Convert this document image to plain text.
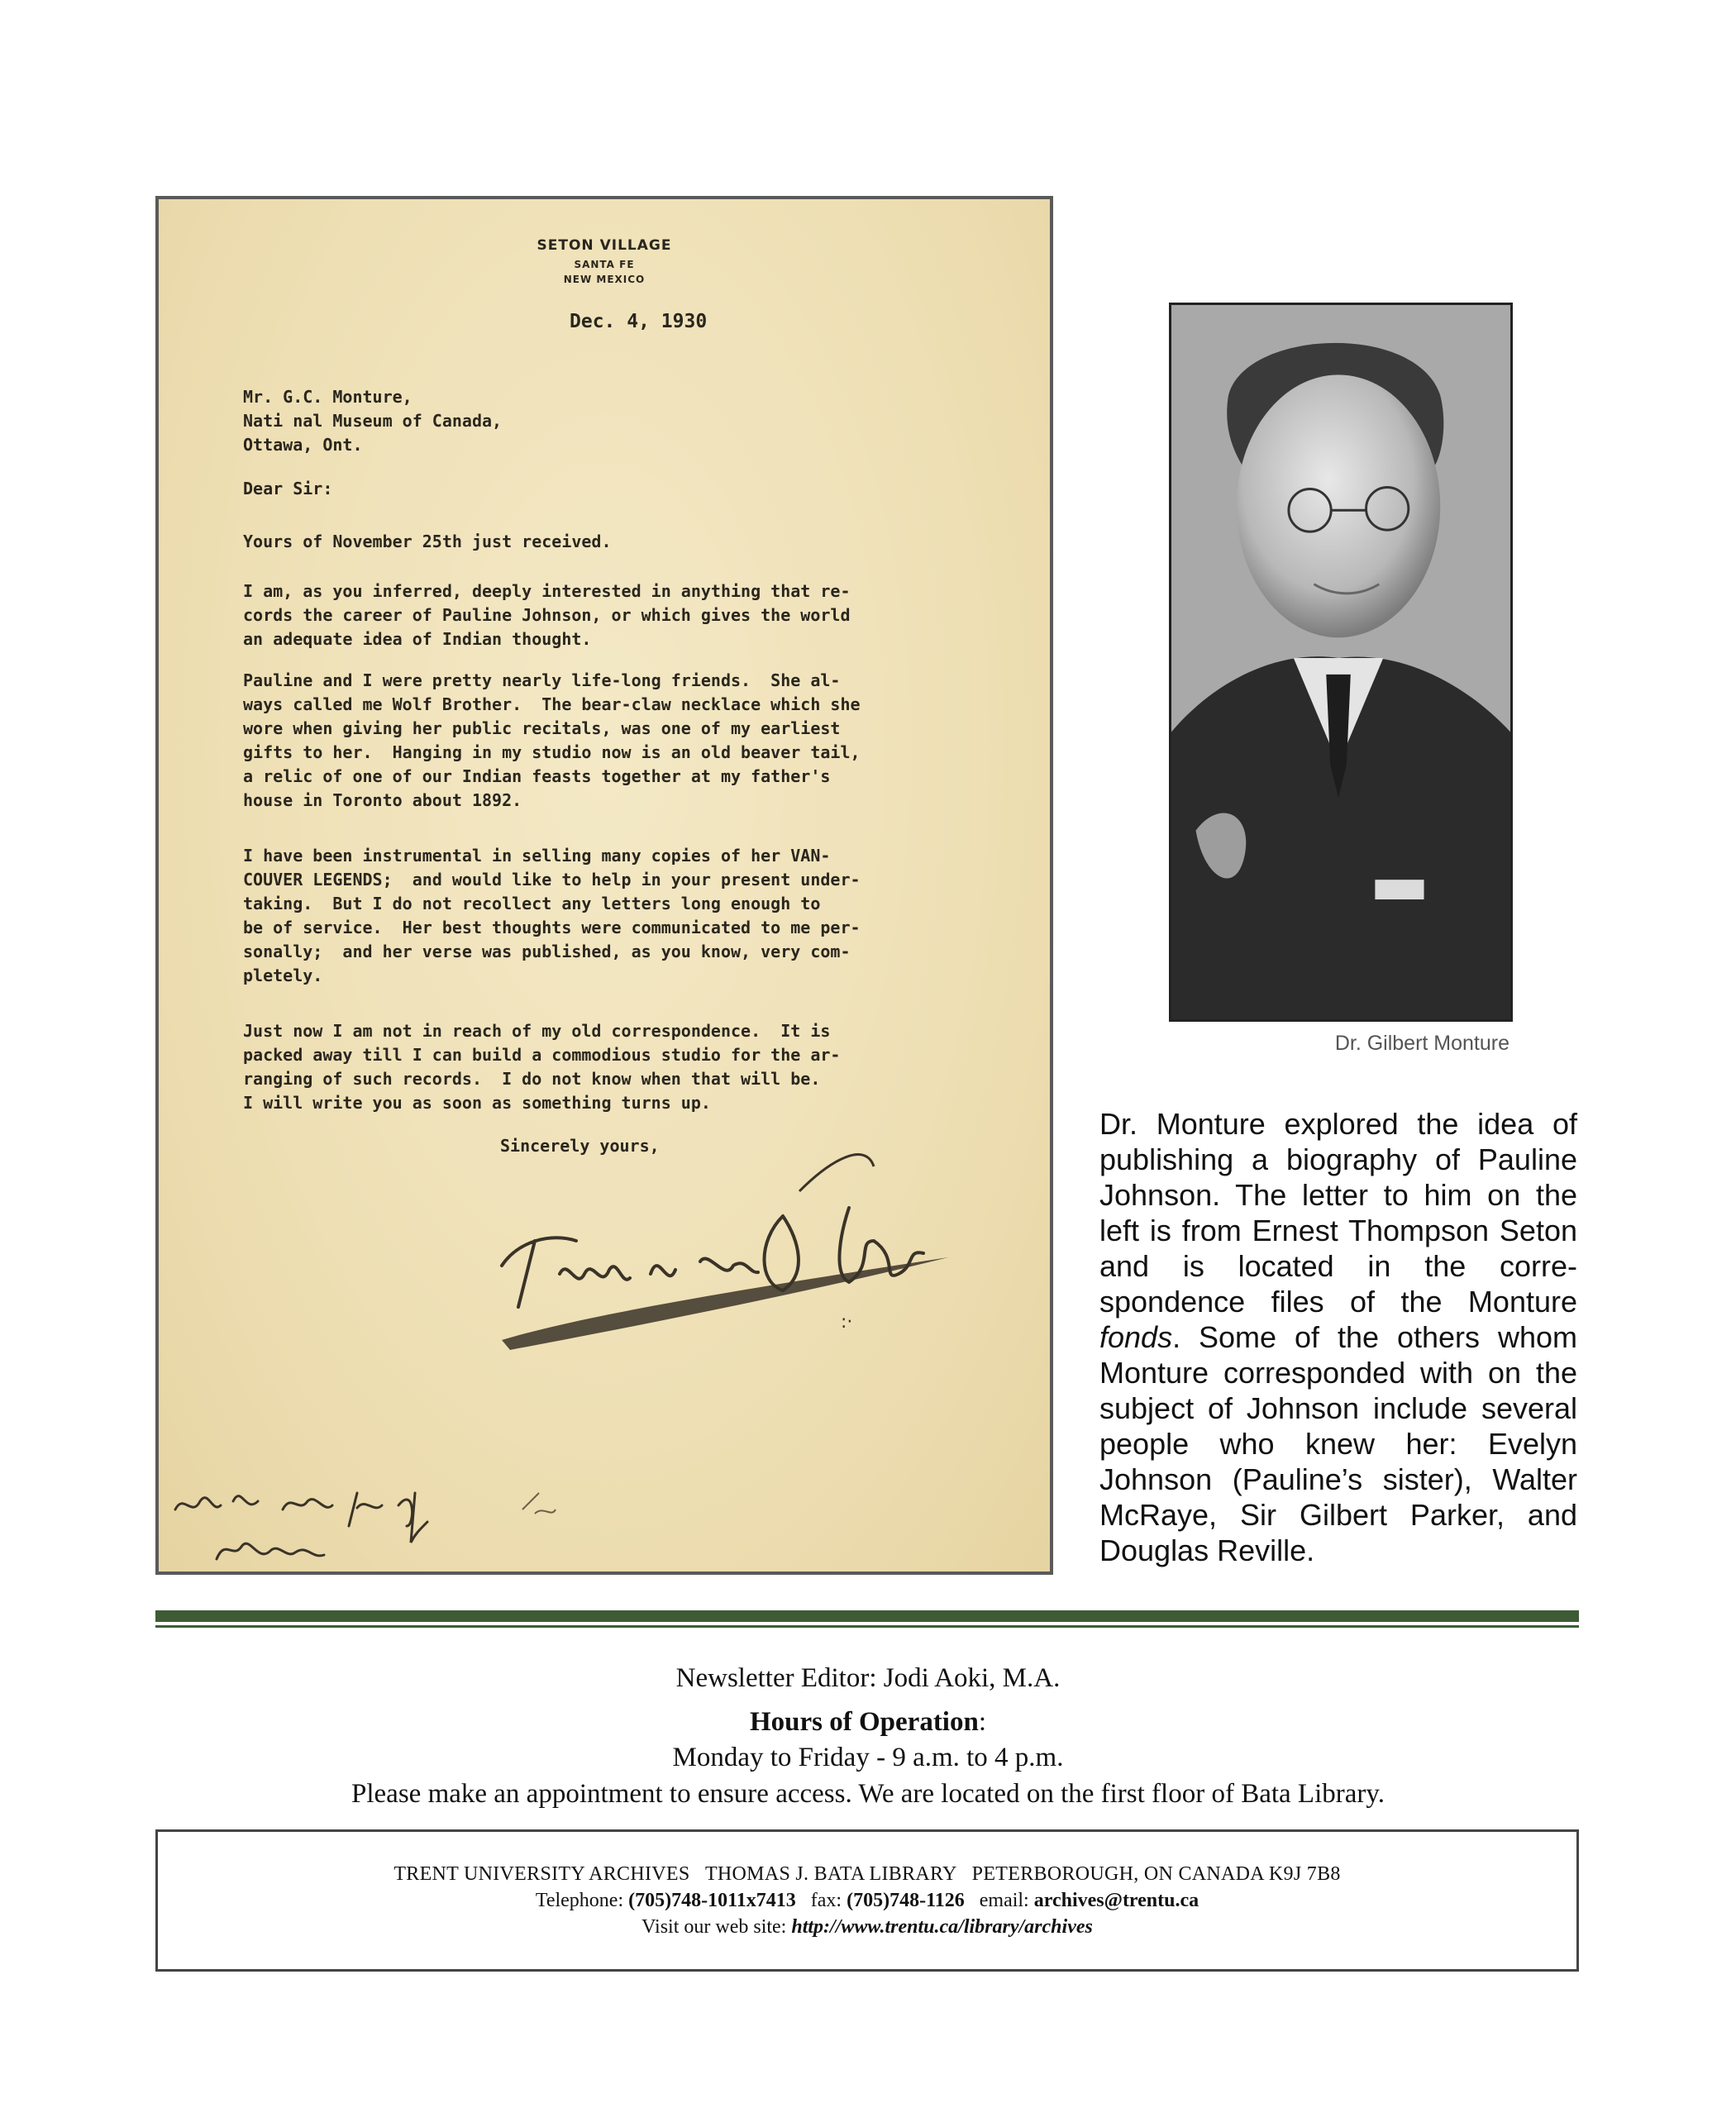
SETON VILLAGE
SANTA FE
NEW MEXICO
Dec. 4, 1930
Mr. G.C. Monture,
Nati nal Museum of Canada,
Ottawa, Ont.
Dear Sir:
Yours of November 25th just received.
I am, as you inferred, deeply interested in anything that re-
cords the career of Pauline Johnson, or which gives the world
an adequate idea of Indian thought.
Pauline and I were pretty nearly life-long friends.  She al-
ways called me Wolf Brother.  The bear-claw necklace which she
wore when giving her public recitals, was one of my earliest
gifts to her.  Hanging in my studio now is an old beaver tail,
a relic of one of our Indian feasts together at my father's
house in Toronto about 1892.
I have been instrumental in selling many copies of her VAN-
COUVER LEGENDS;  and would like to help in your present under-
taking.  But I do not recollect any letters long enough to
be of service.  Her best thoughts were communicated to me per-
sonally;  and her verse was published, as you know, very com-
pletely.
Just now I am not in reach of my old correspondence.  It is
packed away till I can build a commodious studio for the ar-
ranging of such records.  I do not know when that will be.
I will write you as soon as something turns up.
Sincerely yours,
:·
Dr. Gilbert Monture
Dr. Monture explored the idea of publishing a biography of Pauline Johnson. The letter to him on the left is from Ernest Thompson Seton and is located in the corre-spondence files of the Monture fonds. Some of the others whom Monture corresponded with on the subject of Johnson include several people who knew her: Evelyn Johnson (Pauline’s sister), Walter McRaye, Sir Gilbert Parker, and Douglas Reville.
Newsletter Editor: Jodi Aoki, M.A.
Hours of Operation:
Monday to Friday - 9 a.m. to 4 p.m.
Please make an appointment to ensure access. We are located on the first floor of Bata Library.
TRENT UNIVERSITY ARCHIVES   THOMAS J. BATA LIBRARY   PETERBOROUGH, ON CANADA K9J 7B8
Telephone: (705)748-1011x7413 fax: (705)748-1126 email: archives@trentu.ca
Visit our web site: http://www.trentu.ca/library/archives
